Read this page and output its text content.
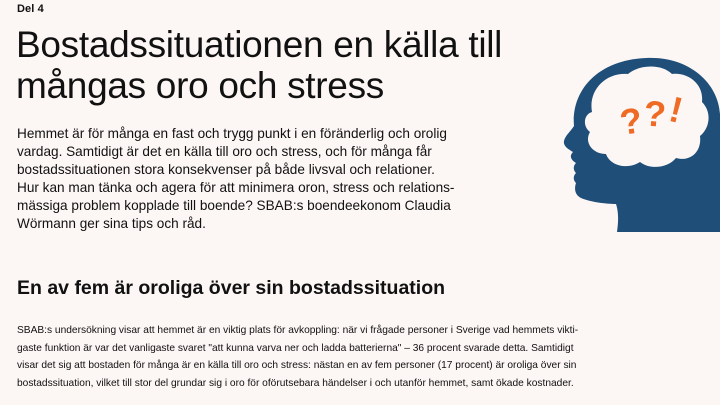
Del 4
Bostadssituationen en källa till
mångas oro och stress

Hemmet är för många en fast och trygg punkt i en föränderlig och orolig
vardag. Samtidigt är det en källa till oro och stress, och för många får
bostadssituationen stora konsekvenser på både livsval och relationer.
Hur kan man tänka och agera för att minimera oron, stress och relations-
mässiga problem kopplade till boende? SBAB:s boendeekonom Claudia
Wörmann ger sina tips och råd.

En av fem är oroliga över sin bostadssituation

SBAB:s undersökning visar att hemmet är en viktig plats för avkoppling: när vi frågade personer i Sverige vad hemmets vikti-
gaste funktion är var det vanligaste svaret "att kunna varva ner och ladda batterierna" – 36 procent svarade detta. Samtidigt
visar det sig att bostaden för många är en källa till oro och stress: nästan en av fem personer (17 procent) är oroliga över sin
bostadssituation, vilket till stor del grundar sig i oro för oförutsebara händelser i och utanför hemmet, samt ökade kostnader.

?
?
!
